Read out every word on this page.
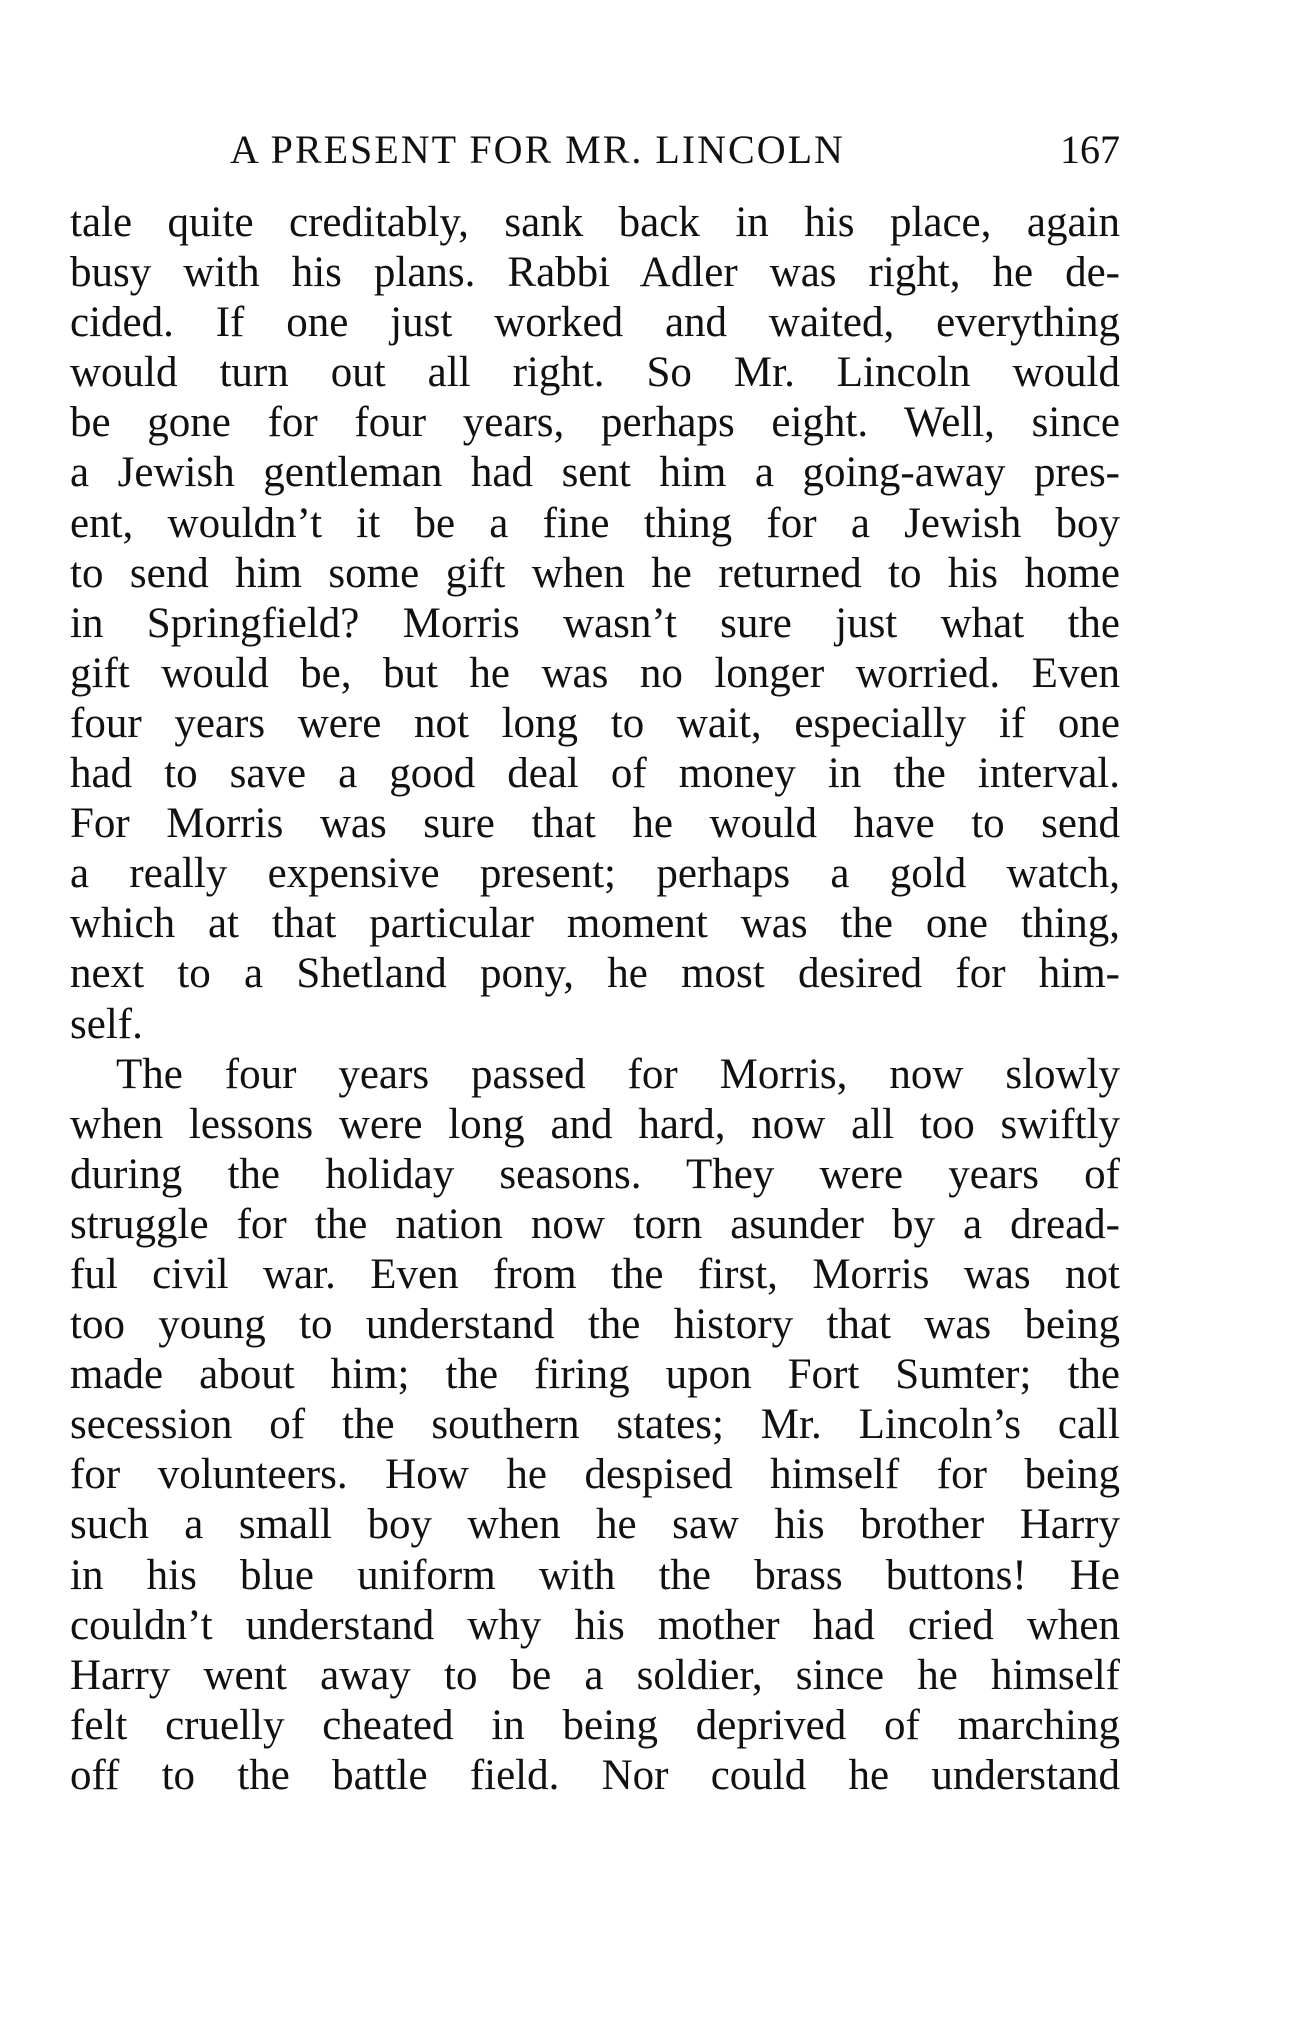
A PRESENT FOR MR. LINCOLN	167
tale quite creditably, sank back in his place, again
busy with his plans. Rabbi Adler was right, he de-
cided. If one just worked and waited, everything
would turn out all right. So Mr. Lincoln would
be gone for four years, perhaps eight. Well, since
a Jewish gentleman had sent him a going-away pres-
ent, wouldn’t it be a fine thing for a Jewish boy
to send him some gift when he returned to his home
in Springfield? Morris wasn’t sure just what the
gift would be, but he was no longer worried. Even
four years were not long to wait, especially if one
had to save a good deal of money in the interval.
For Morris was sure that he would have to send
a really expensive present; perhaps a gold watch,
which at that particular moment was the one thing,
next to a Shetland pony, he most desired for him-
self.
The four years passed for Morris, now slowly
when lessons were long and hard, now all too swiftly
during the holiday seasons. They were years of
struggle for the nation now torn asunder by a dread-
ful civil war. Even from the first, Morris was not
too young to understand the history that was being
made about him; the firing upon Fort Sumter; the
secession of the southern states; Mr. Lincoln’s call
for volunteers. How he despised himself for being
such a small boy when he saw his brother Harry
in his blue uniform with the brass buttons! He
couldn’t understand why his mother had cried when
Harry went away to be a soldier, since he himself
felt cruelly cheated in being deprived of marching
off to the battle field. Nor could he understand
